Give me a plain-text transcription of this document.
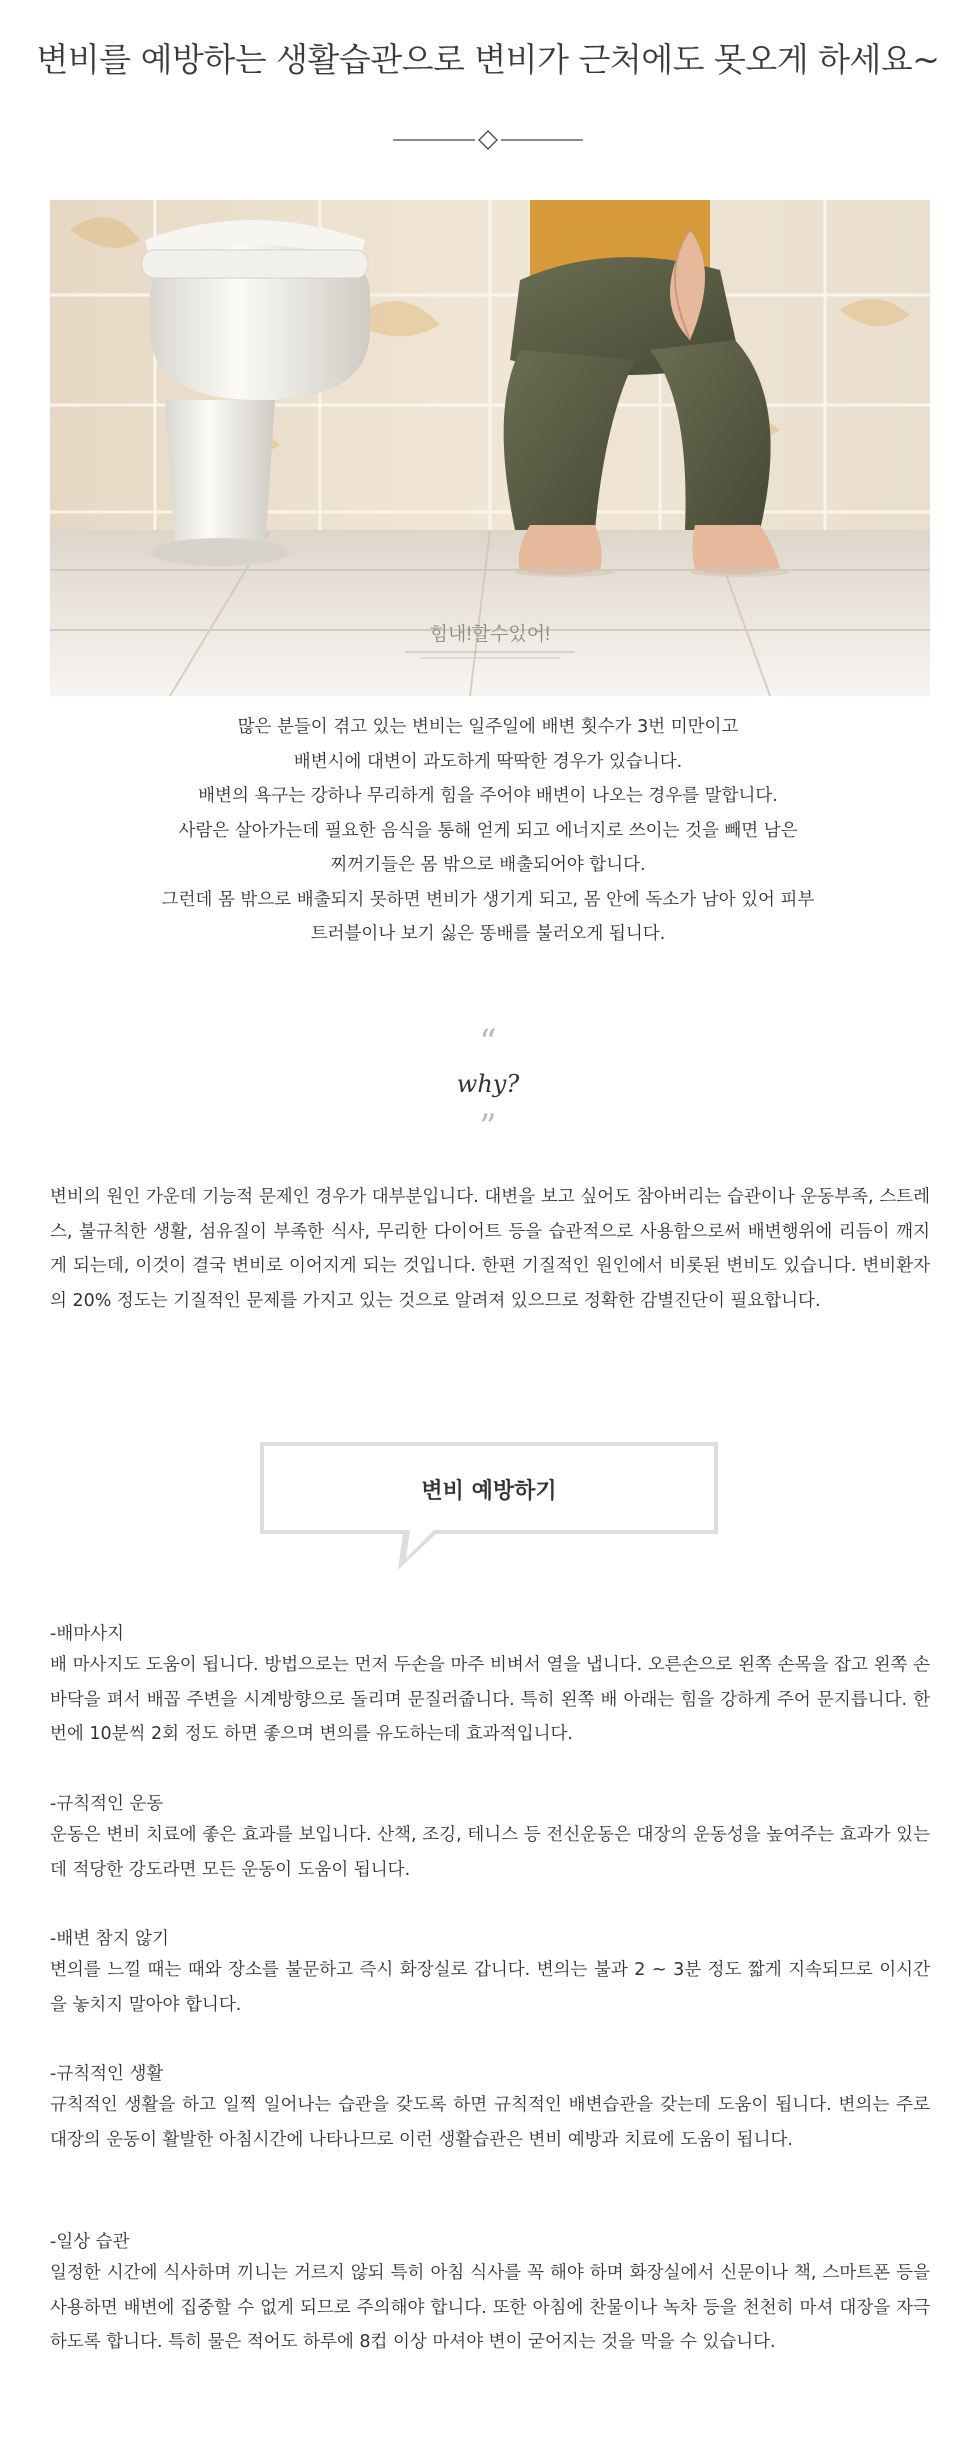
변비를 예방하는 생활습관으로 변비가 근처에도 못오게 하세요~
힘내!할수있어!

많은 분들이 겪고 있는 변비는 일주일에 배변 횟수가 3번 미만이고

배변시에 대변이 과도하게 딱딱한 경우가 있습니다.

배변의 욕구는 강하나 무리하게 힘을 주어야 배변이 나오는 경우를 말합니다.

사람은 살아가는데 필요한 음식을 통해 얻게 되고 에너지로 쓰이는 것을 빼면 남은

찌꺼기들은 몸 밖으로 배출되어야 합니다.

그런데 몸 밖으로 배출되지 못하면 변비가 생기게 되고, 몸 안에 독소가 남아 있어 피부

트러블이나 보기 싫은 똥배를 불러오게 됩니다.

“
why?
”

변비의 원인 가운데 기능적 문제인 경우가 대부분입니다. 대변을 보고 싶어도 참아버리는 습관이나 운동부족, 스트레스, 불규칙한 생활, 섬유질이 부족한 식사, 무리한 다이어트 등을 습관적으로 사용함으로써 배변행위에 리듬이 깨지게 되는데, 이것이 결국 변비로 이어지게 되는 것입니다. 한편 기질적인 원인에서 비롯된 변비도 있습니다. 변비환자의 20% 정도는 기질적인 문제를 가지고 있는 것으로 알려져 있으므로 정확한 감별진단이 필요합니다.

변비 예방하기
-배마사지

배 마사지도 도움이 됩니다. 방법으로는 먼저 두손을 마주 비벼서 열을 냅니다. 오른손으로 왼쪽 손목을 잡고 왼쪽 손바닥을 펴서 배꼽 주변을 시계방향으로 돌리며 문질러줍니다. 특히 왼쪽 배 아래는 힘을 강하게 주어 문지릅니다. 한번에 10분씩 2회 정도 하면 좋으며 변의를 유도하는데 효과적입니다.

-규칙적인 운동

운동은 변비 치료에 좋은 효과를 보입니다. 산책, 조깅, 테니스 등 전신운동은 대장의 운동성을 높여주는 효과가 있는데 적당한 강도라면 모든 운동이 도움이 됩니다.

-배변 참지 않기

변의를 느낄 때는 때와 장소를 불문하고 즉시 화장실로 갑니다. 변의는 불과 2 ~ 3분 정도 짧게 지속되므로 이시간을 놓치지 말아야 합니다.

-규칙적인 생활

규칙적인 생활을 하고 일찍 일어나는 습관을 갖도록 하면 규칙적인 배변습관을 갖는데 도움이 됩니다. 변의는 주로 대장의 운동이 활발한 아침시간에 나타나므로 이런 생활습관은 변비 예방과 치료에 도움이 됩니다.

-일상 습관

일정한 시간에 식사하며 끼니는 거르지 않되 특히 아침 식사를 꼭 해야 하며 화장실에서 신문이나 책, 스마트폰 등을 사용하면 배변에 집중할 수 없게 되므로 주의해야 합니다. 또한 아침에 찬물이나 녹차 등을 천천히 마셔 대장을 자극하도록 합니다. 특히 물은 적어도 하루에 8컵 이상 마셔야 변이 굳어지는 것을 막을 수 있습니다.
